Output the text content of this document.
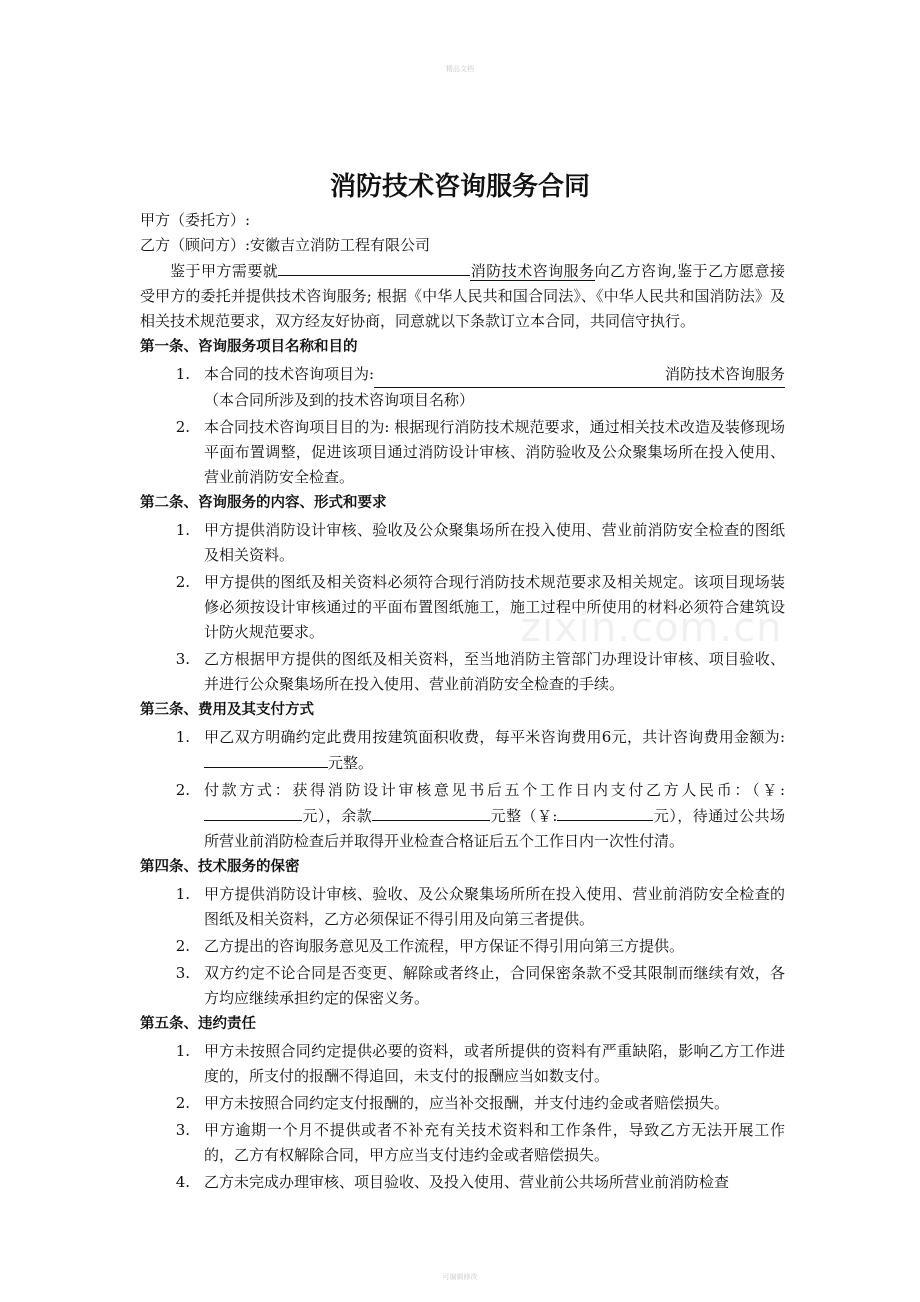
精品文档
消防技术咨询服务合同
甲方（委托方）:
乙方（顾问方）:安徽吉立消防工程有限公司
鉴于甲方需要就	消防技术咨询服务向乙方咨询,鉴于乙方愿意接受甲方的委托并提供技术咨询服务; 根据《中华人民共和国合同法》、《中华人民共和国消防法》及相关技术规范要求，双方经友好协商，同意就以下条款订立本合同，共同信守执行。
第一条、咨询服务项目名称和目的
1. 本合同的技术咨询项目为:	消防技术咨询服务
（本合同所涉及到的技术咨询项目名称）
2. 本合同技术咨询项目目的为: 根据现行消防技术规范要求，通过相关技术改造及装修现场平面布置调整，促进该项目通过消防设计审核、消防验收及公众聚集场所在投入使用、营业前消防安全检查。
第二条、咨询服务的内容、形式和要求
1. 甲方提供消防设计审核、验收及公众聚集场所在投入使用、营业前消防安全检查的图纸及相关资料。
2. 甲方提供的图纸及相关资料必须符合现行消防技术规范要求及相关规定。该项目现场装修必须按设计审核通过的平面布置图纸施工，施工过程中所使用的材料必须符合建筑设计防火规范要求。
3. 乙方根据甲方提供的图纸及相关资料，至当地消防主管部门办理设计审核、项目验收、并进行公众聚集场所在投入使用、营业前消防安全检查的手续。
第三条、费用及其支付方式
1. 甲乙双方明确约定此费用按建筑面积收费，每平米咨询费用6元，共计咨询费用金额为:元整。
2. 付款方式：获得消防设计审核意见书后五个工作日内支付乙方人民币：（￥:元），余款	元整（￥:	元），待通过公共场所营业前消防检查后并取得开业检查合格证后五个工作日内一次性付清。
第四条、技术服务的保密
1. 甲方提供消防设计审核、验收、及公众聚集场所所在投入使用、营业前消防安全检查的图纸及相关资料，乙方必须保证不得引用及向第三者提供。
2. 乙方提出的咨询服务意见及工作流程，甲方保证不得引用向第三方提供。
3. 双方约定不论合同是否变更、解除或者终止，合同保密条款不受其限制而继续有效，各方均应继续承担约定的保密义务。
第五条、违约责任
1. 甲方未按照合同约定提供必要的资料，或者所提供的资料有严重缺陷，影响乙方工作进度的，所支付的报酬不得追回，未支付的报酬应当如数支付。
2. 甲方未按照合同约定支付报酬的，应当补交报酬，并支付违约金或者赔偿损失。
3. 甲方逾期一个月不提供或者不补充有关技术资料和工作条件，导致乙方无法开展工作的，乙方有权解除合同，甲方应当支付违约金或者赔偿损失。
4. 乙方未完成办理审核、项目验收、及投入使用、营业前公共场所营业前消防检查
zixin.com.cn
可编辑修改
